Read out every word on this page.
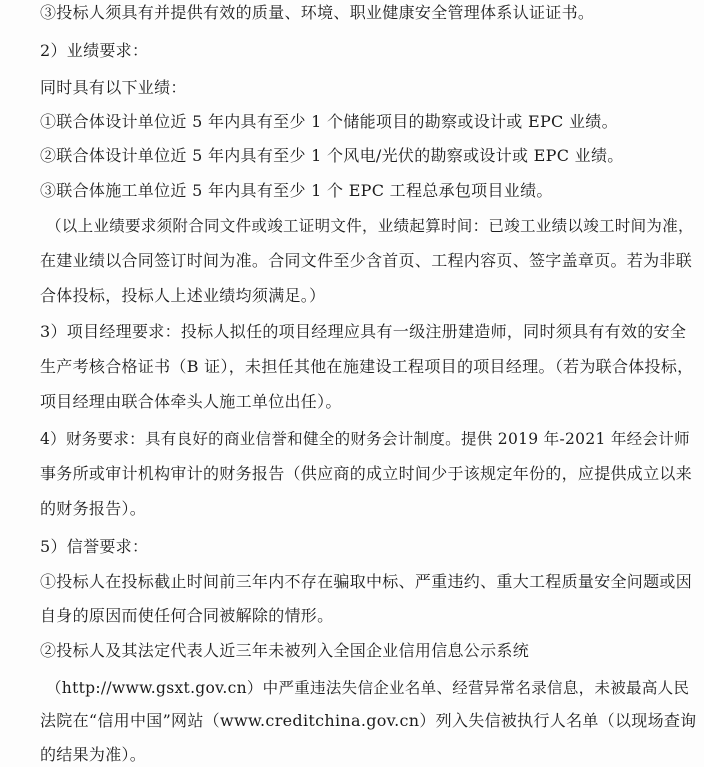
③投标人须具有并提供有效的质量、环境、职业健康安全管理体系认证证书。
2）业绩要求：
同时具有以下业绩：
①联合体设计单位近 5 年内具有至少 1 个储能项目的勘察或设计或 EPC 业绩。
②联合体设计单位近 5 年内具有至少 1 个风电/光伏的勘察或设计或 EPC 业绩。
③联合体施工单位近 5 年内具有至少 1 个 EPC 工程总承包项目业绩。
（以上业绩要求须附合同文件或竣工证明文件，业绩起算时间：已竣工业绩以竣工时间为准，
在建业绩以合同签订时间为准。合同文件至少含首页、工程内容页、签字盖章页。若为非联
合体投标，投标人上述业绩均须满足。）
3）项目经理要求：投标人拟任的项目经理应具有一级注册建造师，同时须具有有效的安全
生产考核合格证书（B 证），未担任其他在施建设工程项目的项目经理。（若为联合体投标，
项目经理由联合体牵头人施工单位出任）。
4）财务要求：具有良好的商业信誉和健全的财务会计制度。提供 2019 年-2021 年经会计师
事务所或审计机构审计的财务报告（供应商的成立时间少于该规定年份的，应提供成立以来
的财务报告）。
5）信誉要求：
①投标人在投标截止时间前三年内不存在骗取中标、严重违约、重大工程质量安全问题或因
自身的原因而使任何合同被解除的情形。
②投标人及其法定代表人近三年未被列入全国企业信用信息公示系统
（http://www.gsxt.gov.cn）中严重违法失信企业名单、经营异常名录信息，未被最高人民
法院在“信用中国”网站（www.creditchina.gov.cn）列入失信被执行人名单（以现场查询
的结果为准）。
